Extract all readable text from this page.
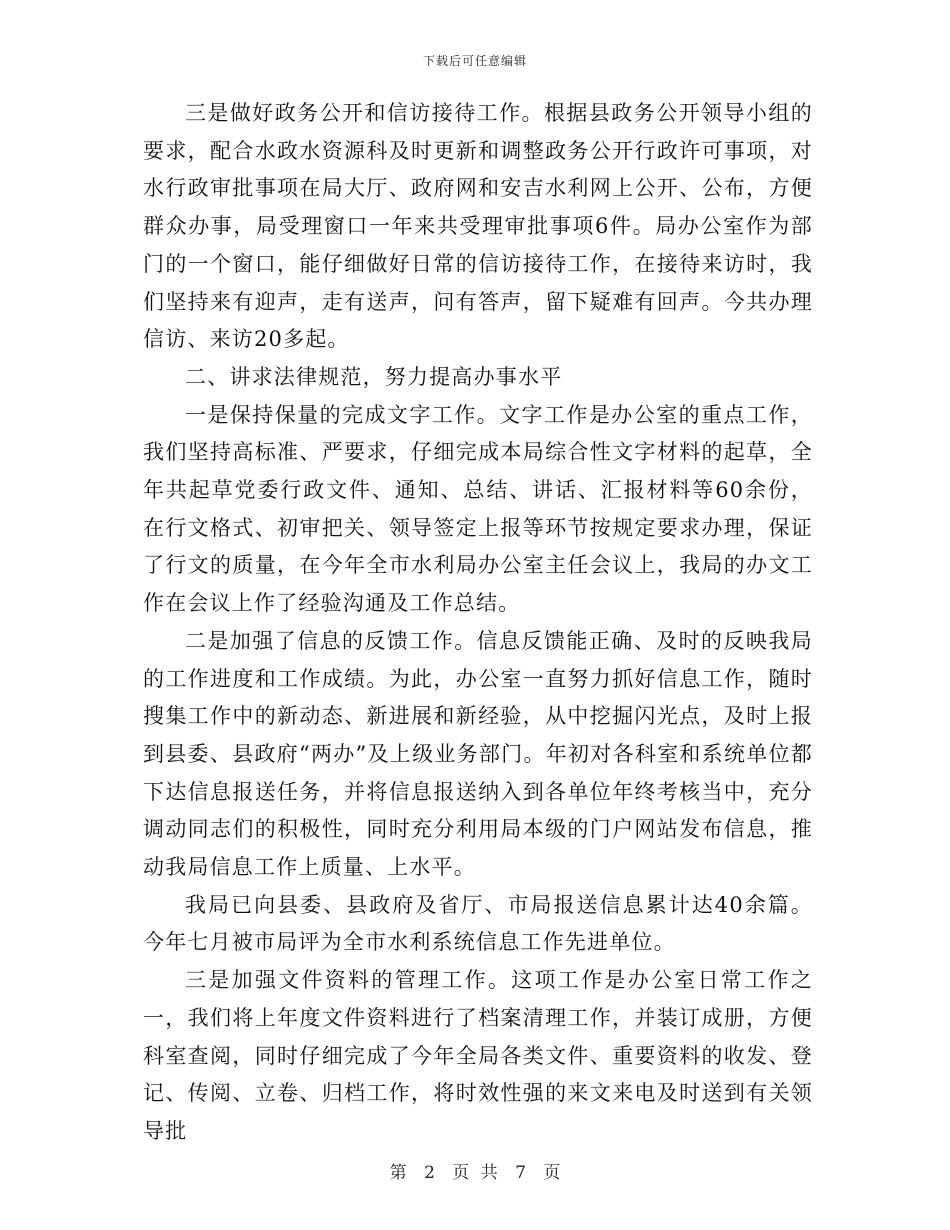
下载后可任意编辑

三是做好政务公开和信访接待工作。根据县政务公开领导小组的要求，配合水政水资源科及时更新和调整政务公开行政许可事项，对水行政审批事项在局大厅、政府网和安吉水利网上公开、公布，方便群众办事，局受理窗口一年来共受理审批事项6件。局办公室作为部门的一个窗口，能仔细做好日常的信访接待工作，在接待来访时，我们坚持来有迎声，走有送声，问有答声，留下疑难有回声。今共办理信访、来访20多起。

二、讲求法律规范，努力提高办事水平

一是保持保量的完成文字工作。文字工作是办公室的重点工作，我们坚持高标准、严要求，仔细完成本局综合性文字材料的起草，全年共起草党委行政文件、通知、总结、讲话、汇报材料等60余份，在行文格式、初审把关、领导签定上报等环节按规定要求办理，保证了行文的质量，在今年全市水利局办公室主任会议上，我局的办文工作在会议上作了经验沟通及工作总结。

二是加强了信息的反馈工作。信息反馈能正确、及时的反映我局的工作进度和工作成绩。为此，办公室一直努力抓好信息工作，随时搜集工作中的新动态、新进展和新经验，从中挖掘闪光点，及时上报到县委、县政府“两办”及上级业务部门。年初对各科室和系统单位都下达信息报送任务，并将信息报送纳入到各单位年终考核当中，充分调动同志们的积极性，同时充分利用局本级的门户网站发布信息，推动我局信息工作上质量、上水平。

我局已向县委、县政府及省厅、市局报送信息累计达40余篇。今年七月被市局评为全市水利系统信息工作先进单位。

三是加强文件资料的管理工作。这项工作是办公室日常工作之一，我们将上年度文件资料进行了档案清理工作，并装订成册，方便科室查阅，同时仔细完成了今年全局各类文件、重要资料的收发、登记、传阅、立卷、归档工作，将时效性强的来文来电及时送到有关领导批

第 2 页 共 7 页
